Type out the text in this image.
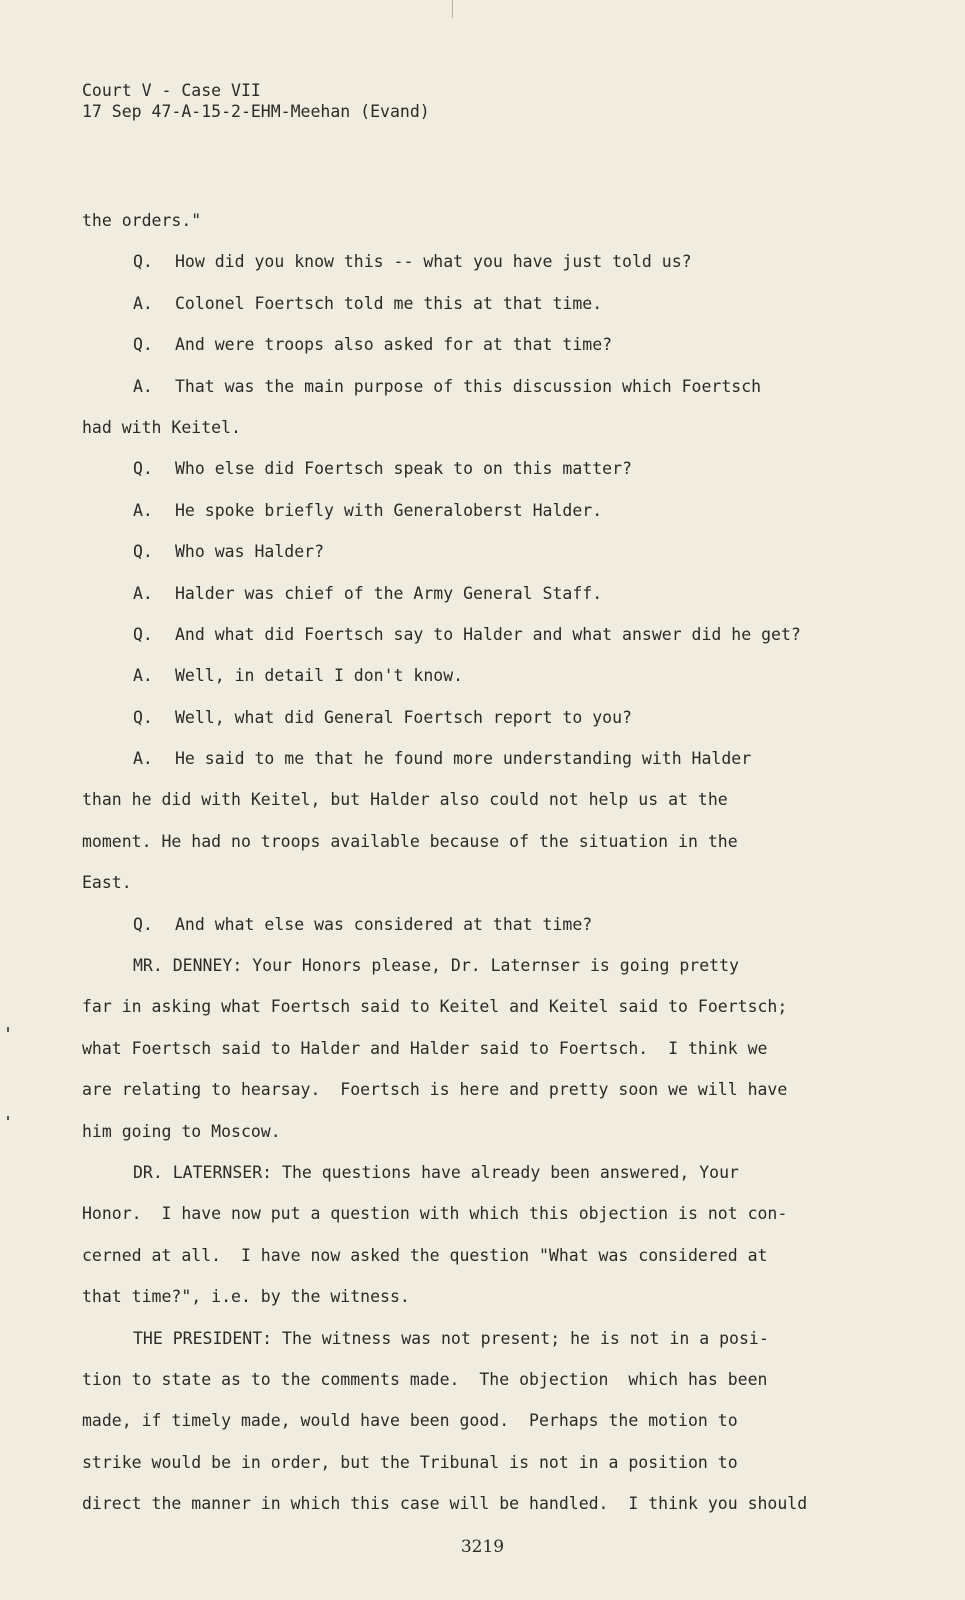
Court V - Case VII
17 Sep 47-A-15-2-EHM-Meehan (Evand)
the orders."
Q. How did you know this -- what you have just told us?
A. Colonel Foertsch told me this at that time.
Q. And were troops also asked for at that time?
A. That was the main purpose of this discussion which Foertsch
had with Keitel.
Q. Who else did Foertsch speak to on this matter?
A. He spoke briefly with Generaloberst Halder.
Q. Who was Halder?
A. Halder was chief of the Army General Staff.
Q. And what did Foertsch say to Halder and what answer did he get?
A. Well, in detail I don't know.
Q. Well, what did General Foertsch report to you?
A. He said to me that he found more understanding with Halder
than he did with Keitel, but Halder also could not help us at the
moment. He had no troops available because of the situation in the
East.
Q. And what else was considered at that time?
MR. DENNEY: Your Honors please, Dr. Laternser is going pretty
far in asking what Foertsch said to Keitel and Keitel said to Foertsch;
what Foertsch said to Halder and Halder said to Foertsch.  I think we
are relating to hearsay.  Foertsch is here and pretty soon we will have
him going to Moscow.
DR. LATERNSER: The questions have already been answered, Your
Honor.  I have now put a question with which this objection is not con-
cerned at all.  I have now asked the question "What was considered at
that time?", i.e. by the witness.
THE PRESIDENT: The witness was not present; he is not in a posi-
tion to state as to the comments made.  The objection  which has been
made, if timely made, would have been good.  Perhaps the motion to
strike would be in order, but the Tribunal is not in a position to
direct the manner in which this case will be handled.  I think you should
3219
